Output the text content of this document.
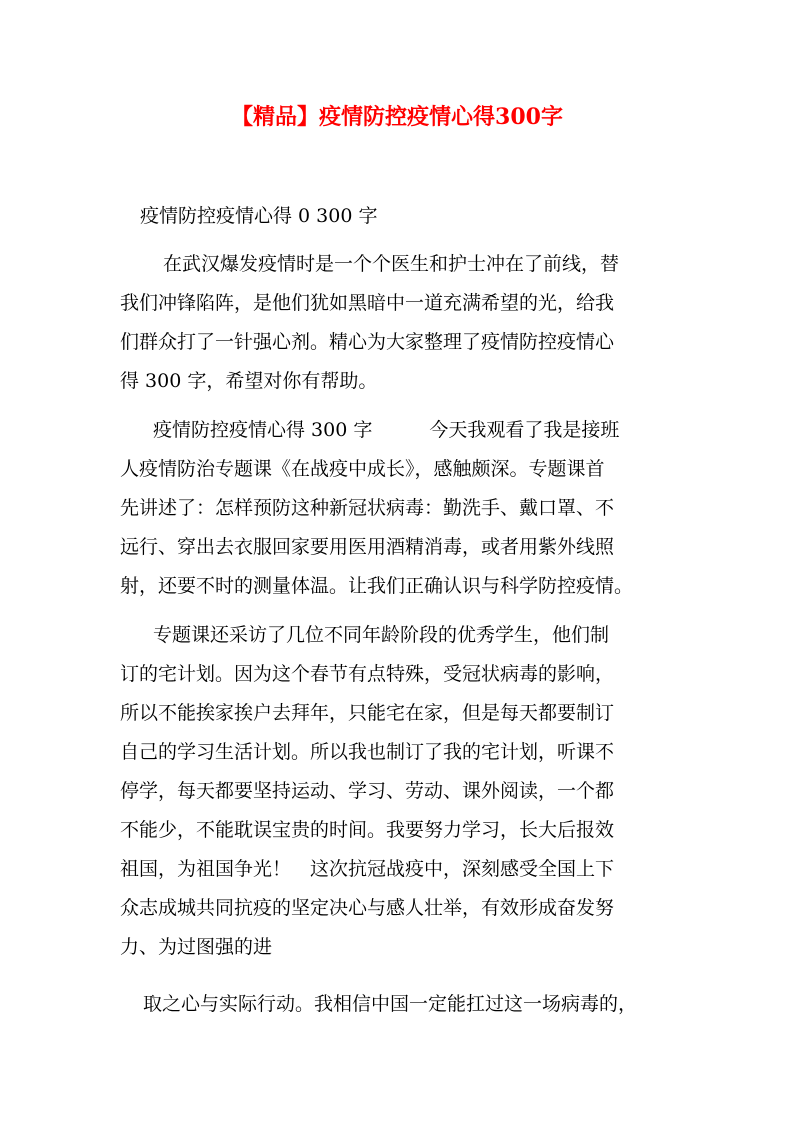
【精品】疫情防控疫情心得300字
疫情防控疫情心得 0 300 字
在武汉爆发疫情时是一个个医生和护士冲在了前线，替
我们冲锋陷阵，是他们犹如黑暗中一道充满希望的光，给我
们群众打了一针强心剂。精心为大家整理了疫情防控疫情心
得 300 字，希望对你有帮助。
疫情防控疫情心得 300 字　　　今天我观看了我是接班
人疫情防治专题课《在战疫中成长》，感触颇深。专题课首
先讲述了：怎样预防这种新冠状病毒：勤洗手、戴口罩、不
远行、穿出去衣服回家要用医用酒精消毒，或者用紫外线照
射，还要不时的测量体温。让我们正确认识与科学防控疫情。
专题课还采访了几位不同年龄阶段的优秀学生，他们制
订的宅计划。因为这个春节有点特殊，受冠状病毒的影响，
所以不能挨家挨户去拜年，只能宅在家，但是每天都要制订
自己的学习生活计划。所以我也制订了我的宅计划，听课不
停学，每天都要坚持运动、学习、劳动、课外阅读，一个都
不能少，不能耽误宝贵的时间。我要努力学习，长大后报效
祖国，为祖国争光！　这次抗冠战疫中，深刻感受全国上下
众志成城共同抗疫的坚定决心与感人壮举，有效形成奋发努
力、为过图强的进
取之心与实际行动。我相信中国一定能扛过这一场病毒的，
